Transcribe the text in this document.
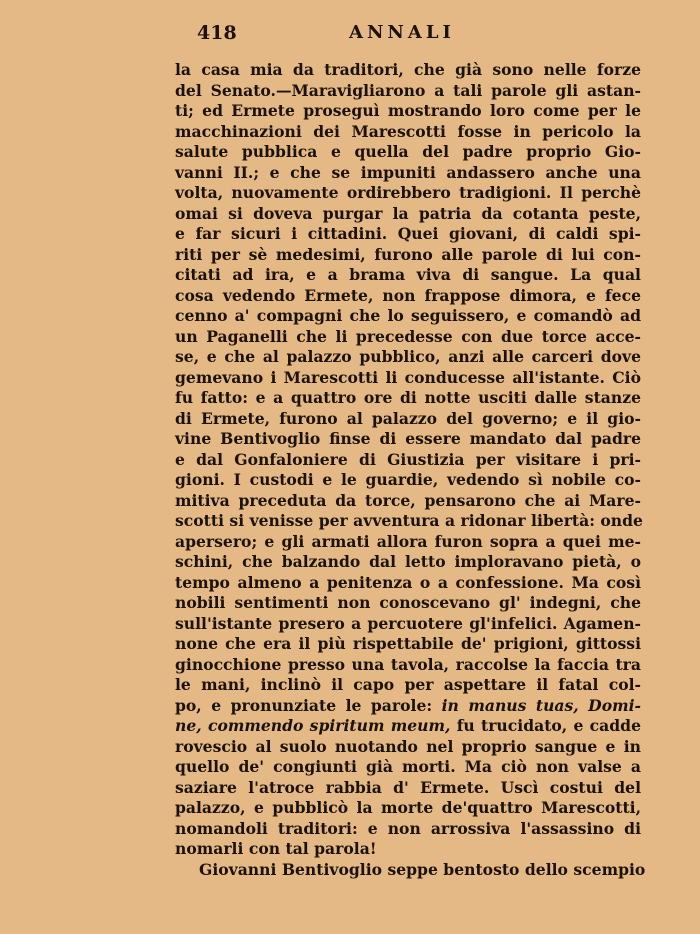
418	ANNALI
la casa mia da traditori, che già sono nelle forze
del Senato.—Maravigliarono a tali parole gli astan-
ti; ed Ermete proseguì mostrando loro come per le
macchinazioni dei Marescotti fosse in pericolo la
salute pubblica e quella del padre proprio Gio-
vanni II.; e che se impuniti andassero anche una
volta, nuovamente ordirebbero tradigioni. Il perchè
omai si doveva purgar la patria da cotanta peste,
e far sicuri i cittadini. Quei giovani, di caldi spi-
riti per sè medesimi, furono alle parole di lui con-
citati ad ira, e a brama viva di sangue. La qual
cosa vedendo Ermete, non frappose dimora, e fece
cenno a' compagni che lo seguissero, e comandò ad
un Paganelli che li precedesse con due torce acce-
se, e che al palazzo pubblico, anzi alle carceri dove
gemevano i Marescotti li conducesse all'istante. Ciò
fu fatto: e a quattro ore di notte usciti dalle stanze
di Ermete, furono al palazzo del governo; e il gio-
vine Bentivoglio finse di essere mandato dal padre
e dal Gonfaloniere di Giustizia per visitare i pri-
gioni. I custodi e le guardie, vedendo sì nobile co-
mitiva preceduta da torce, pensarono che ai Mare-
scotti si venisse per avventura a ridonar libertà: onde
apersero; e gli armati allora furon sopra a quei me-
schini, che balzando dal letto imploravano pietà, o
tempo almeno a penitenza o a confessione. Ma così
nobili sentimenti non conoscevano gl' indegni, che
sull'istante presero a percuotere gl'infelici. Agamen-
none che era il più rispettabile de' prigioni, gittossi
ginocchione presso una tavola, raccolse la faccia tra
le mani, inclinò il capo per aspettare il fatal col-
po, e pronunziate le parole: in manus tuas, Domi-
ne, commendo spiritum meum, fu trucidato, e cadde
rovescio al suolo nuotando nel proprio sangue e in
quello de' congiunti già morti. Ma ciò non valse a
saziare l'atroce rabbia d' Ermete. Uscì costui del
palazzo, e pubblicò la morte de'quattro Marescotti,
nomandoli traditori: e non arrossiva l'assassino di
nomarli con tal parola!
Giovanni Bentivoglio seppe bentosto dello scempio
